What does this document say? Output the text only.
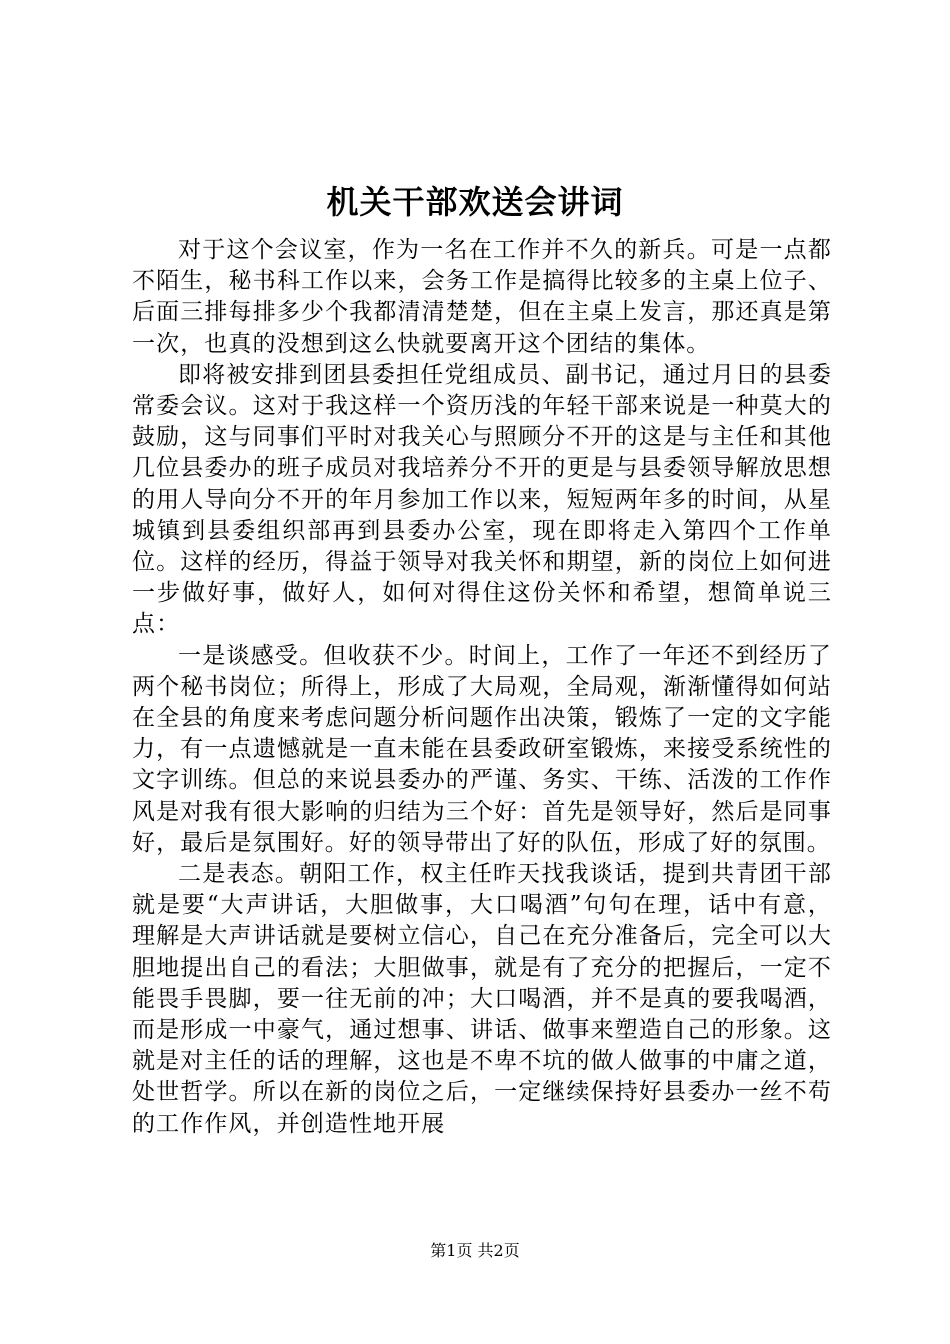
机关干部欢送会讲词

对于这个会议室，作为一名在工作并不久的新兵。可是一点都不陌生，秘书科工作以来，会务工作是搞得比较多的主桌上位子、后面三排每排多少个我都清清楚楚，但在主桌上发言，那还真是第一次，也真的没想到这么快就要离开这个团结的集体。

即将被安排到团县委担任党组成员、副书记，通过月日的县委常委会议。这对于我这样一个资历浅的年轻干部来说是一种莫大的鼓励，这与同事们平时对我关心与照顾分不开的这是与主任和其他几位县委办的班子成员对我培养分不开的更是与县委领导解放思想的用人导向分不开的年月参加工作以来，短短两年多的时间，从星城镇到县委组织部再到县委办公室，现在即将走入第四个工作单位。这样的经历，得益于领导对我关怀和期望，新的岗位上如何进一步做好事，做好人，如何对得住这份关怀和希望，想简单说三点：

一是谈感受。但收获不少。时间上，工作了一年还不到经历了两个秘书岗位；所得上，形成了大局观，全局观，渐渐懂得如何站在全县的角度来考虑问题分析问题作出决策，锻炼了一定的文字能力，有一点遗憾就是一直未能在县委政研室锻炼，来接受系统性的文字训练。但总的来说县委办的严谨、务实、干练、活泼的工作作风是对我有很大影响的归结为三个好：首先是领导好，然后是同事好，最后是氛围好。好的领导带出了好的队伍，形成了好的氛围。

二是表态。朝阳工作，权主任昨天找我谈话，提到共青团干部就是要“大声讲话，大胆做事，大口喝酒”句句在理，话中有意，理解是大声讲话就是要树立信心，自己在充分准备后，完全可以大胆地提出自己的看法；大胆做事，就是有了充分的把握后，一定不能畏手畏脚，要一往无前的冲；大口喝酒，并不是真的要我喝酒，而是形成一中豪气，通过想事、讲话、做事来塑造自己的形象。这就是对主任的话的理解，这也是不卑不坑的做人做事的中庸之道，处世哲学。所以在新的岗位之后，一定继续保持好县委办一丝不苟的工作作风，并创造性地开展

第1页 共2页
